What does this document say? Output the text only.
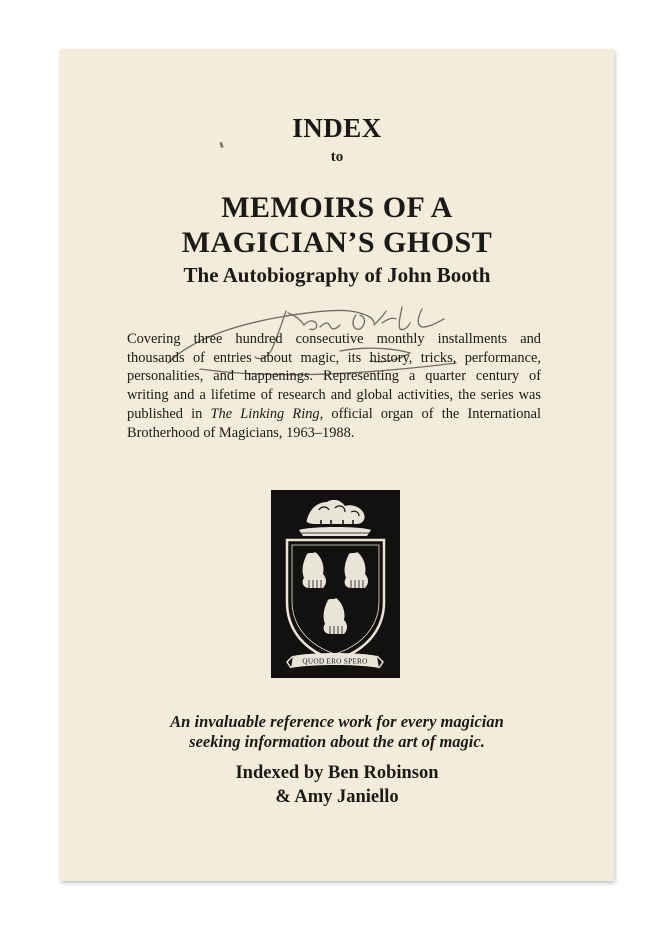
INDEX
to
MEMOIRS OF A
MAGICIAN’S GHOST
The Autobiography of John Booth

Covering three hundred consecutive monthly installments and thousands of entries about magic, its history, tricks, performance, personalities, and happenings. Representing a quarter century of writing and a lifetime of research and global activities, the series was published in The Linking Ring, official organ of the International Brotherhood of Magicians, 1963–1988.

QUOD ERO SPERO
An invaluable reference work for every magician
seeking information about the art of magic.
Indexed by Ben Robinson
& Amy Janiello
